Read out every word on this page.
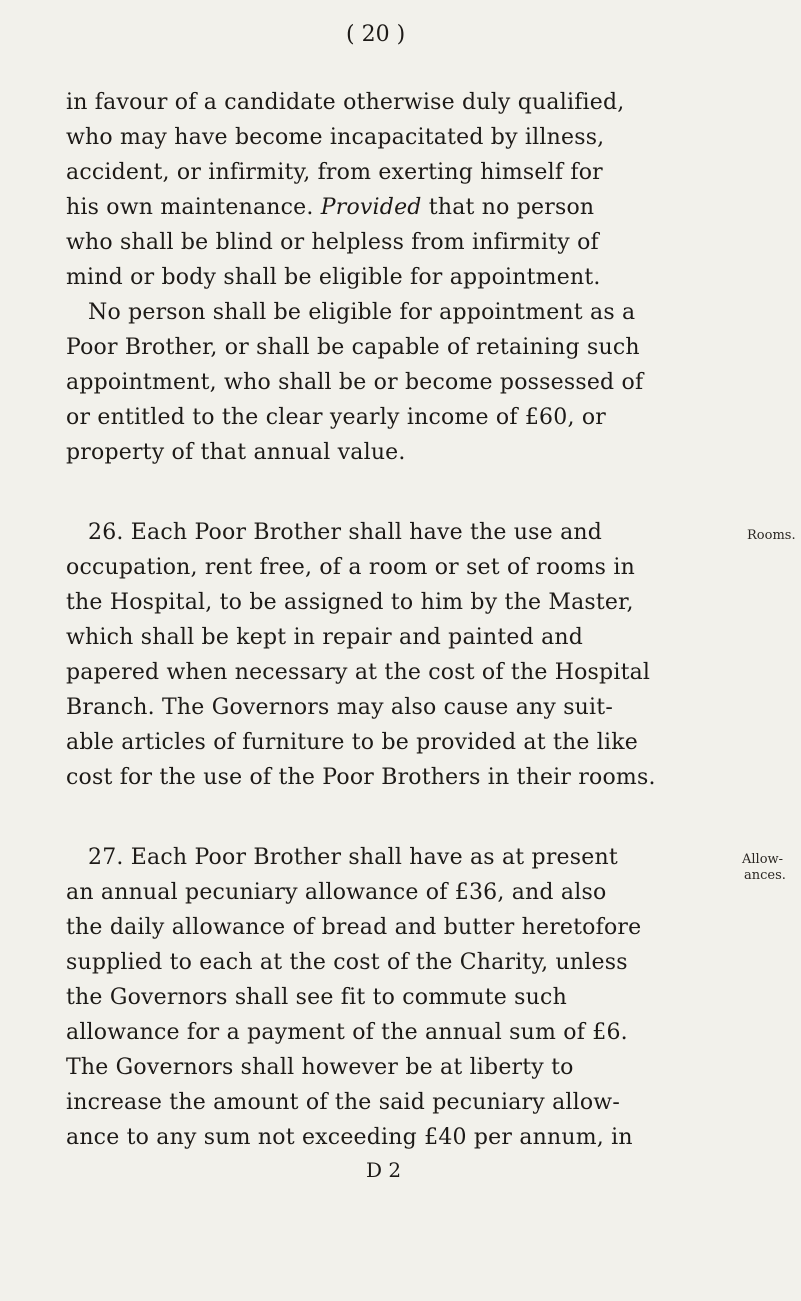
( 20 )
in favour of a candidate otherwise duly qualified,
who may have become incapacitated by illness,
accident, or infirmity, from exerting himself for
his own maintenance. Provided that no person
who shall be blind or helpless from infirmity of
mind or body shall be eligible for appointment.
No person shall be eligible for appointment as a
Poor Brother, or shall be capable of retaining such
appointment, who shall be or become possessed of
or entitled to the clear yearly income of £60, or
property of that annual value.
26. Each Poor Brother shall have the use and	Rooms.
occupation, rent free, of a room or set of rooms in
the Hospital, to be assigned to him by the Master,
which shall be kept in repair and painted and
papered when necessary at the cost of the Hospital
Branch. The Governors may also cause any suit-
able articles of furniture to be provided at the like
cost for the use of the Poor Brothers in their rooms.
27. Each Poor Brother shall have as at present	Allow-
ances.
an annual pecuniary allowance of £36, and also
the daily allowance of bread and butter heretofore
supplied to each at the cost of the Charity, unless
the Governors shall see fit to commute such
allowance for a payment of the annual sum of £6.
The Governors shall however be at liberty to
increase the amount of the said pecuniary allow-
ance to any sum not exceeding £40 per annum, in
D 2
